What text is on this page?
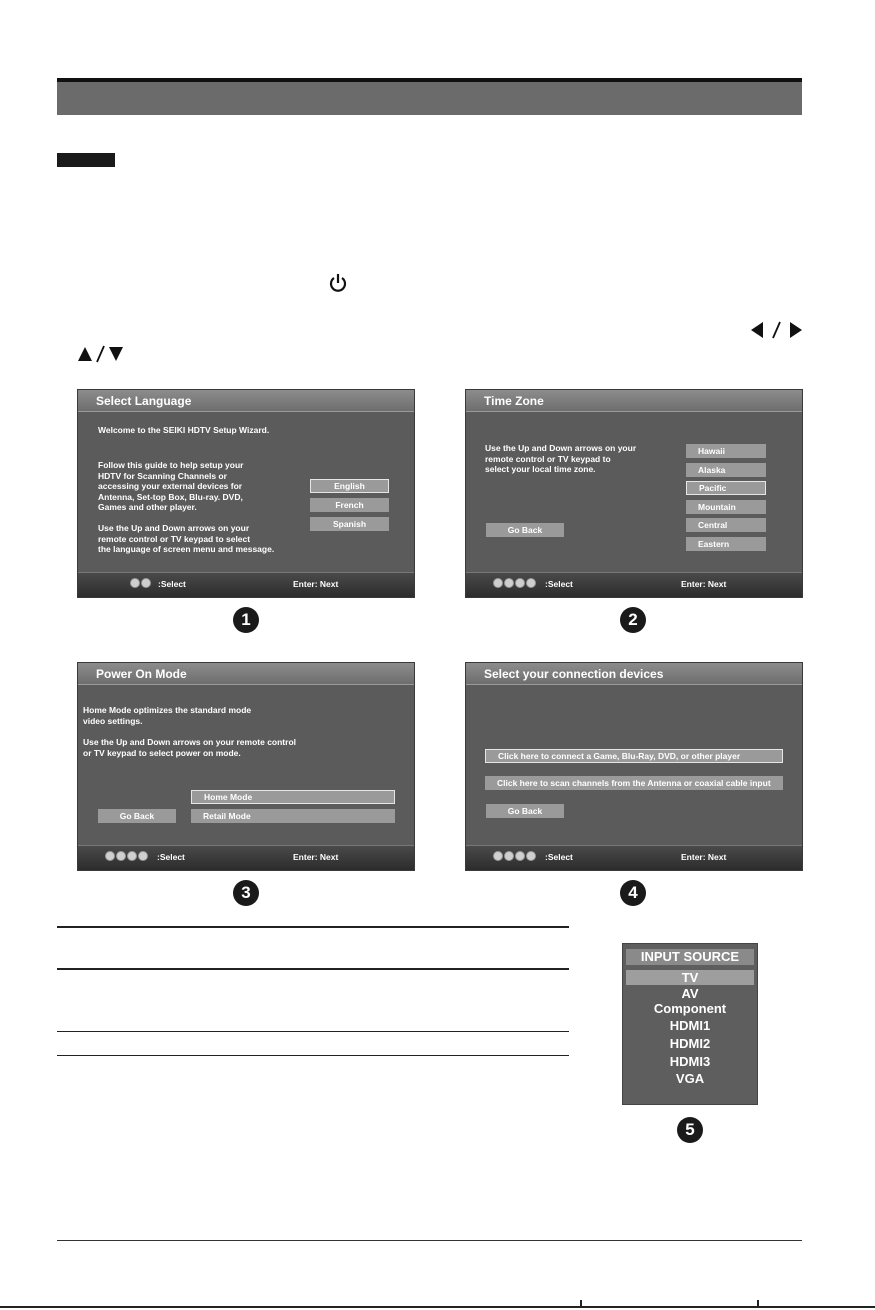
Select Language
Welcome to the SEIKI HDTV Setup Wizard.
Follow this guide to help setup your
HDTV for Scanning Channels or
accessing your external devices for
Antenna, Set-top Box, Blu-ray. DVD,
Games and other player.
Use the Up and Down arrows on your
remote control or TV keypad to select
the language of screen menu and message.
English
French
Spanish
:Select	Enter: Next
1
Time Zone
Use the Up and Down arrows on your
remote control or TV keypad to
select your local time zone.
Go Back
Hawaii
Alaska
Pacific
Mountain
Central
Eastern
:Select	Enter: Next
2
Power On Mode
Home Mode optimizes the standard mode
video settings.
Use the Up and Down arrows on your remote control
or TV keypad to select power on mode.
Go Back
Home Mode
Retail Mode
:Select	Enter: Next
3
Select your connection devices
Click here to connect a Game, Blu-Ray, DVD, or other player
Click here to scan channels from the Antenna or coaxial cable input
Go Back
:Select	Enter: Next
4
INPUT SOURCE
TV
AV
Component
HDMI1
HDMI2
HDMI3
VGA
5
